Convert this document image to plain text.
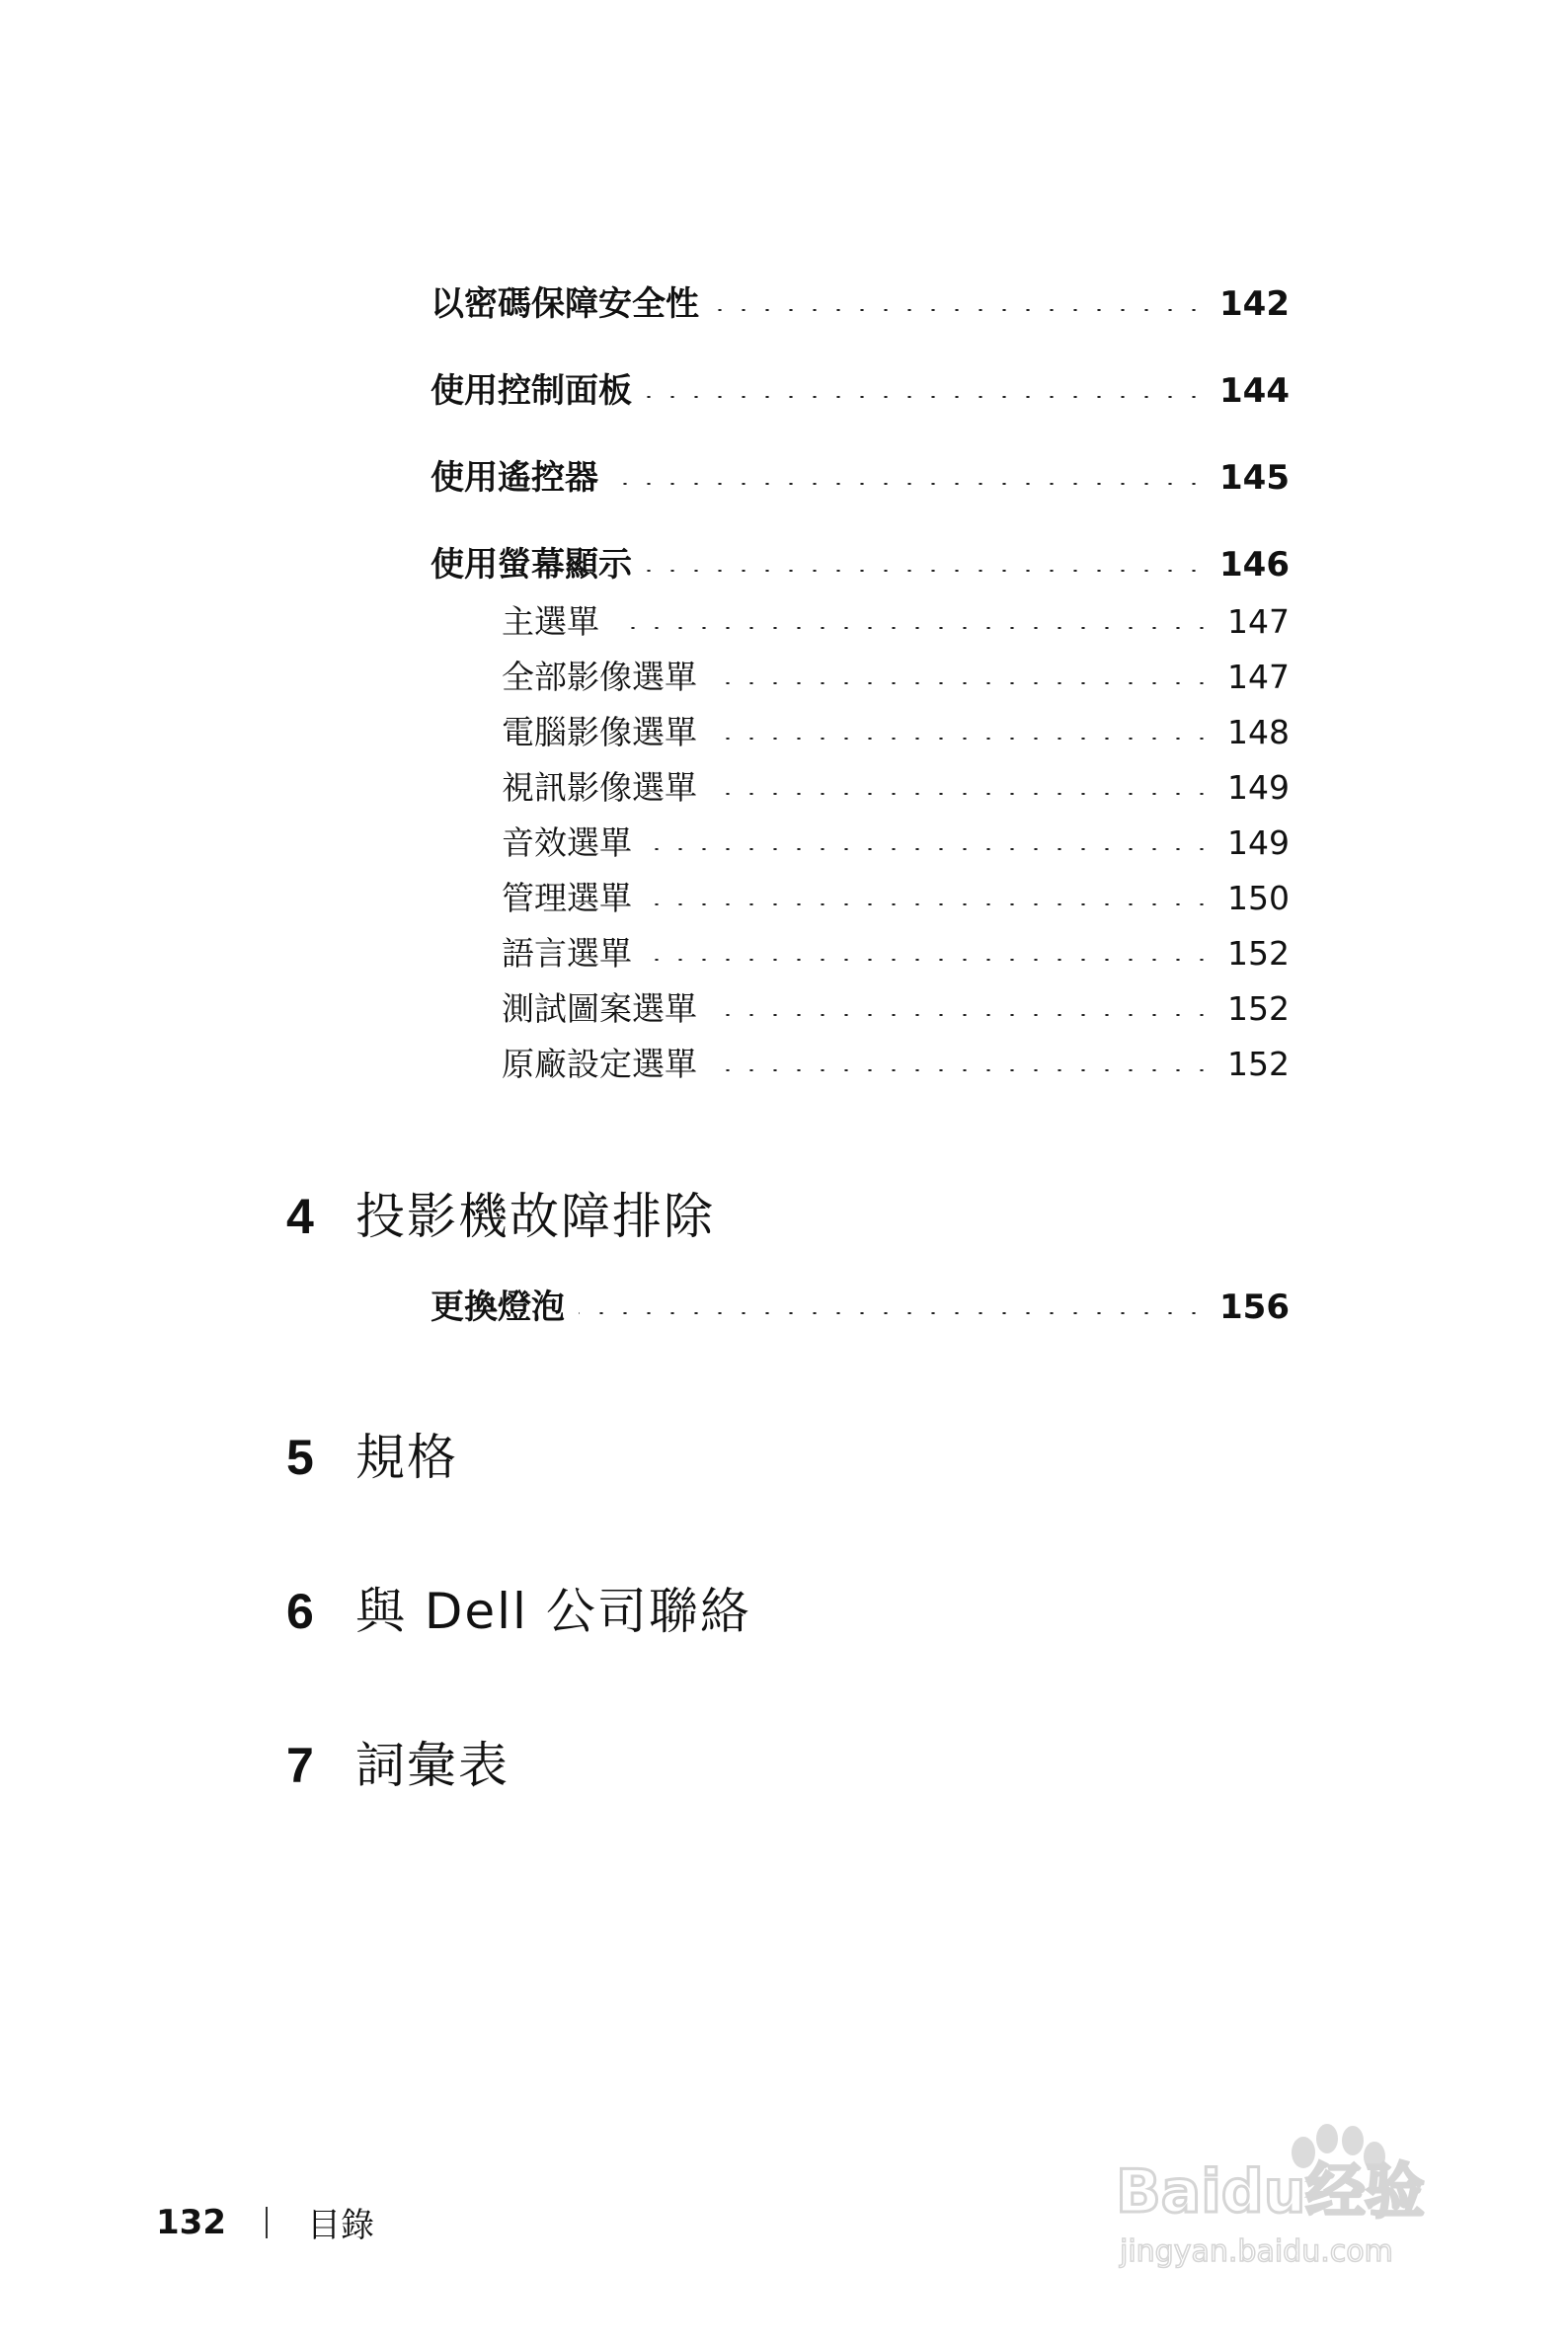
以密碼保障安全性	142
使用控制面板	144
使用遙控器	145
使用螢幕顯示	146
主選單	147
全部影像選單	147
電腦影像選單	148
視訊影像選單	149
音效選單	149
管理選單	150
語言選單	152
測試圖案選單	152
原廠設定選單	152
4 投影機故障排除
更換燈泡	156
5 規格
6 與 Dell 公司聯絡
7 詞彙表
132 目錄	Baidu经验
jingyan.baidu.com
